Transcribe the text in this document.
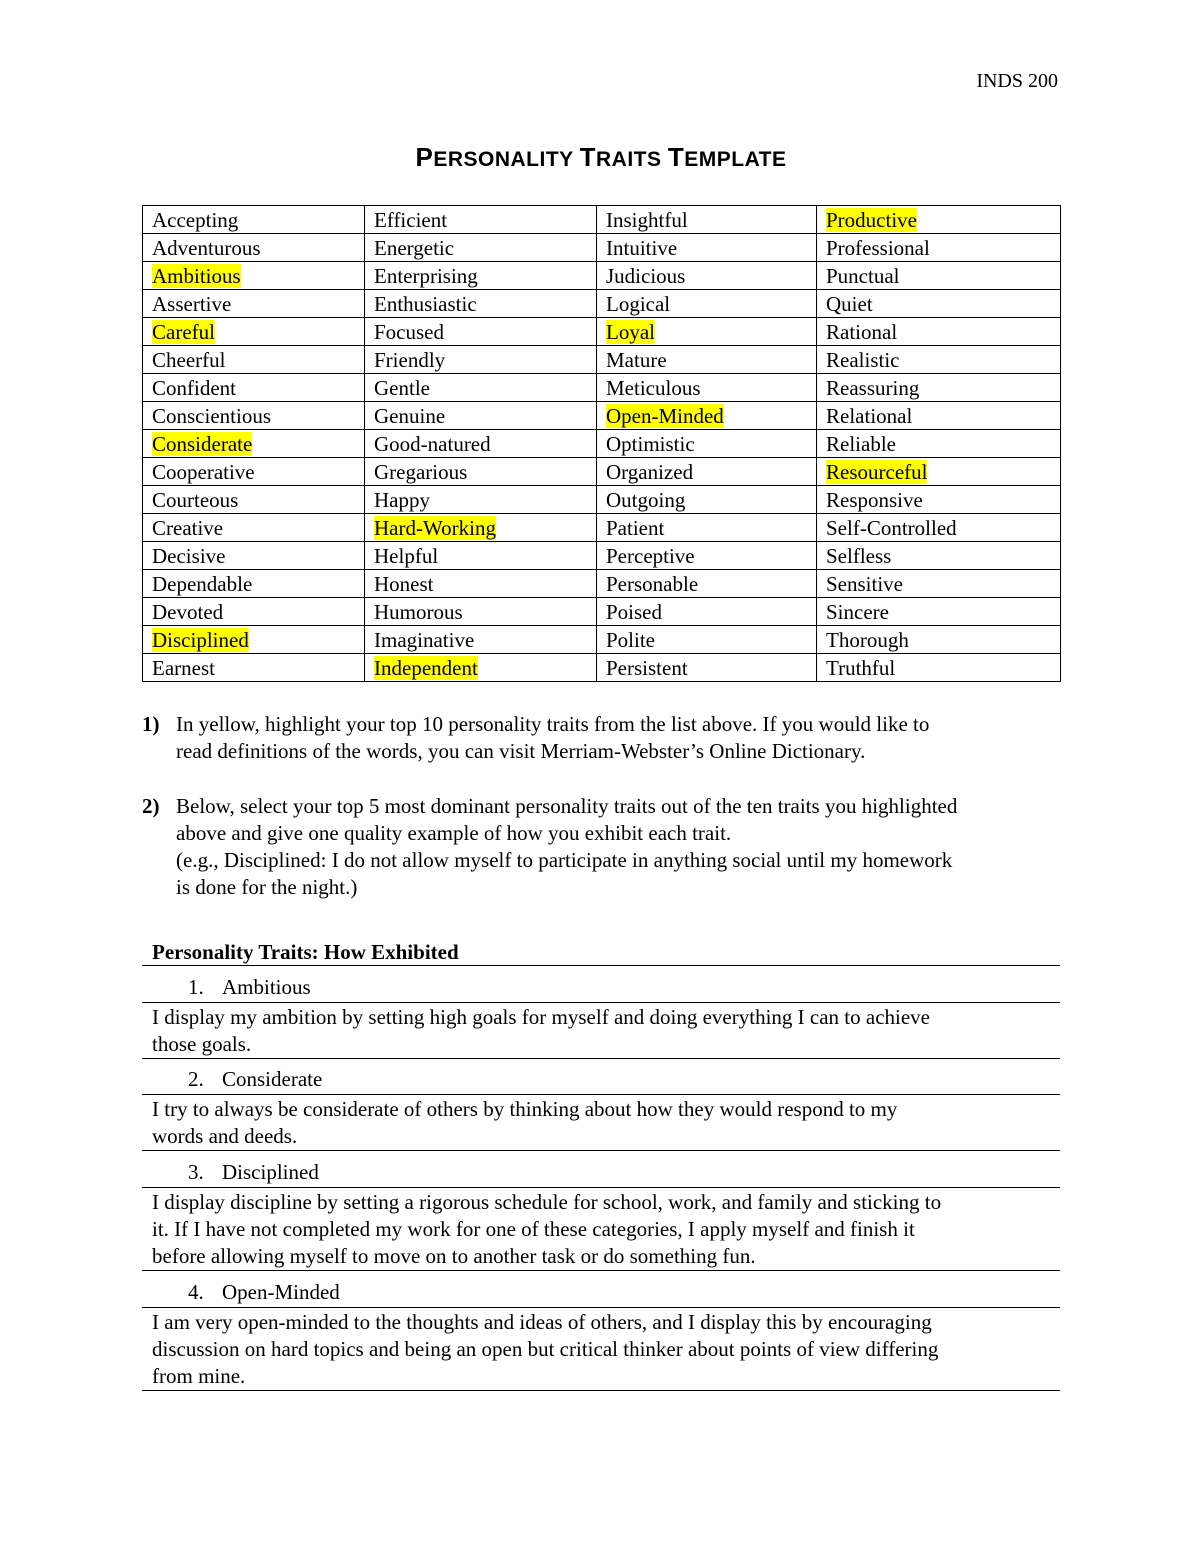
INDS 200
PERSONALITY TRAITS TEMPLATE
Accepting	Efficient	Insightful	Productive
Adventurous	Energetic	Intuitive	Professional
Ambitious	Enterprising	Judicious	Punctual
Assertive	Enthusiastic	Logical	Quiet
Careful	Focused	Loyal	Rational
Cheerful	Friendly	Mature	Realistic
Confident	Gentle	Meticulous	Reassuring
Conscientious	Genuine	Open-Minded	Relational
Considerate	Good-natured	Optimistic	Reliable
Cooperative	Gregarious	Organized	Resourceful
Courteous	Happy	Outgoing	Responsive
Creative	Hard-Working	Patient	Self-Controlled
Decisive	Helpful	Perceptive	Selfless
Dependable	Honest	Personable	Sensitive
Devoted	Humorous	Poised	Sincere
Disciplined	Imaginative	Polite	Thorough
Earnest	Independent	Persistent	Truthful
1) In yellow, highlight your top 10 personality traits from the list above. If you would like to
read definitions of the words, you can visit Merriam-Webster’s Online Dictionary.
2) Below, select your top 5 most dominant personality traits out of the ten traits you highlighted
above and give one quality example of how you exhibit each trait.
(e.g., Disciplined: I do not allow myself to participate in anything social until my homework
is done for the night.)
Personality Traits: How Exhibited
1. Ambitious
I display my ambition by setting high goals for myself and doing everything I can to achieve
those goals.
2. Considerate
I try to always be considerate of others by thinking about how they would respond to my
words and deeds.
3. Disciplined
I display discipline by setting a rigorous schedule for school, work, and family and sticking to
it. If I have not completed my work for one of these categories, I apply myself and finish it
before allowing myself to move on to another task or do something fun.
4. Open-Minded
I am very open-minded to the thoughts and ideas of others, and I display this by encouraging
discussion on hard topics and being an open but critical thinker about points of view differing
from mine.
